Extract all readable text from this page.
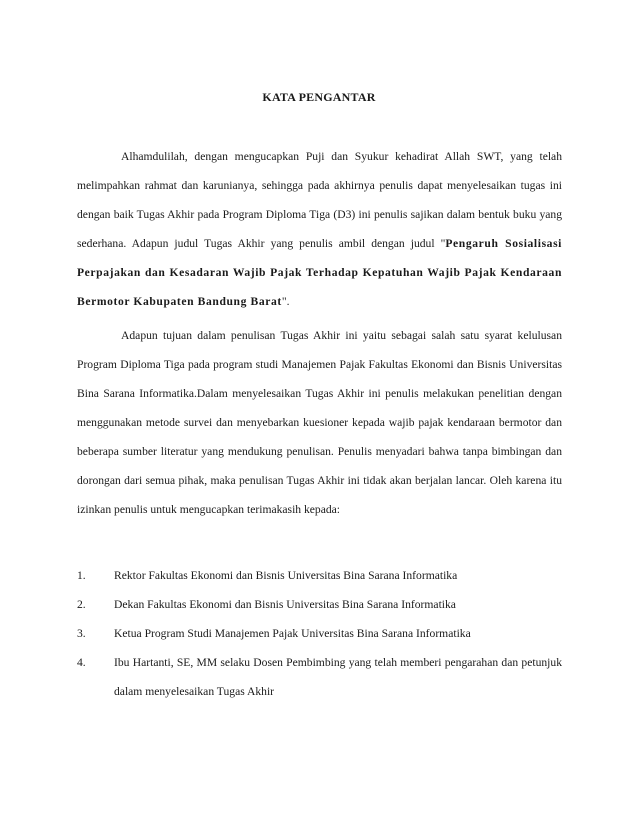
KATA PENGANTAR

Alhamdulilah, dengan mengucapkan Puji dan Syukur kehadirat Allah SWT, yang telah melimpahkan rahmat dan karunianya, sehingga pada akhirnya penulis dapat menyelesaikan tugas ini dengan baik Tugas Akhir pada Program Diploma Tiga (D3) ini penulis sajikan dalam bentuk buku yang sederhana. Adapun judul Tugas Akhir yang penulis ambil dengan judul "Pengaruh Sosialisasi Perpajakan dan Kesadaran Wajib Pajak Terhadap Kepatuhan Wajib Pajak Kendaraan Bermotor Kabupaten Bandung Barat".

Adapun tujuan dalam penulisan Tugas Akhir ini yaitu sebagai salah satu syarat kelulusan Program Diploma Tiga pada program studi Manajemen Pajak Fakultas Ekonomi dan Bisnis Universitas Bina Sarana Informatika.Dalam menyelesaikan Tugas Akhir ini penulis melakukan penelitian dengan menggunakan metode survei dan menyebarkan kuesioner kepada wajib pajak kendaraan bermotor dan beberapa sumber literatur yang mendukung penulisan. Penulis menyadari bahwa tanpa bimbingan dan dorongan dari semua pihak, maka penulisan Tugas Akhir ini tidak akan berjalan lancar. Oleh karena itu izinkan penulis untuk mengucapkan terimakasih kepada:

1.	Rektor Fakultas Ekonomi dan Bisnis Universitas Bina Sarana Informatika
2.	Dekan Fakultas Ekonomi dan Bisnis Universitas Bina Sarana Informatika
3.	Ketua Program Studi Manajemen Pajak Universitas Bina Sarana Informatika
4.	Ibu Hartanti, SE, MM selaku Dosen Pembimbing yang telah memberi pengarahan dan petunjuk dalam menyelesaikan Tugas Akhir
